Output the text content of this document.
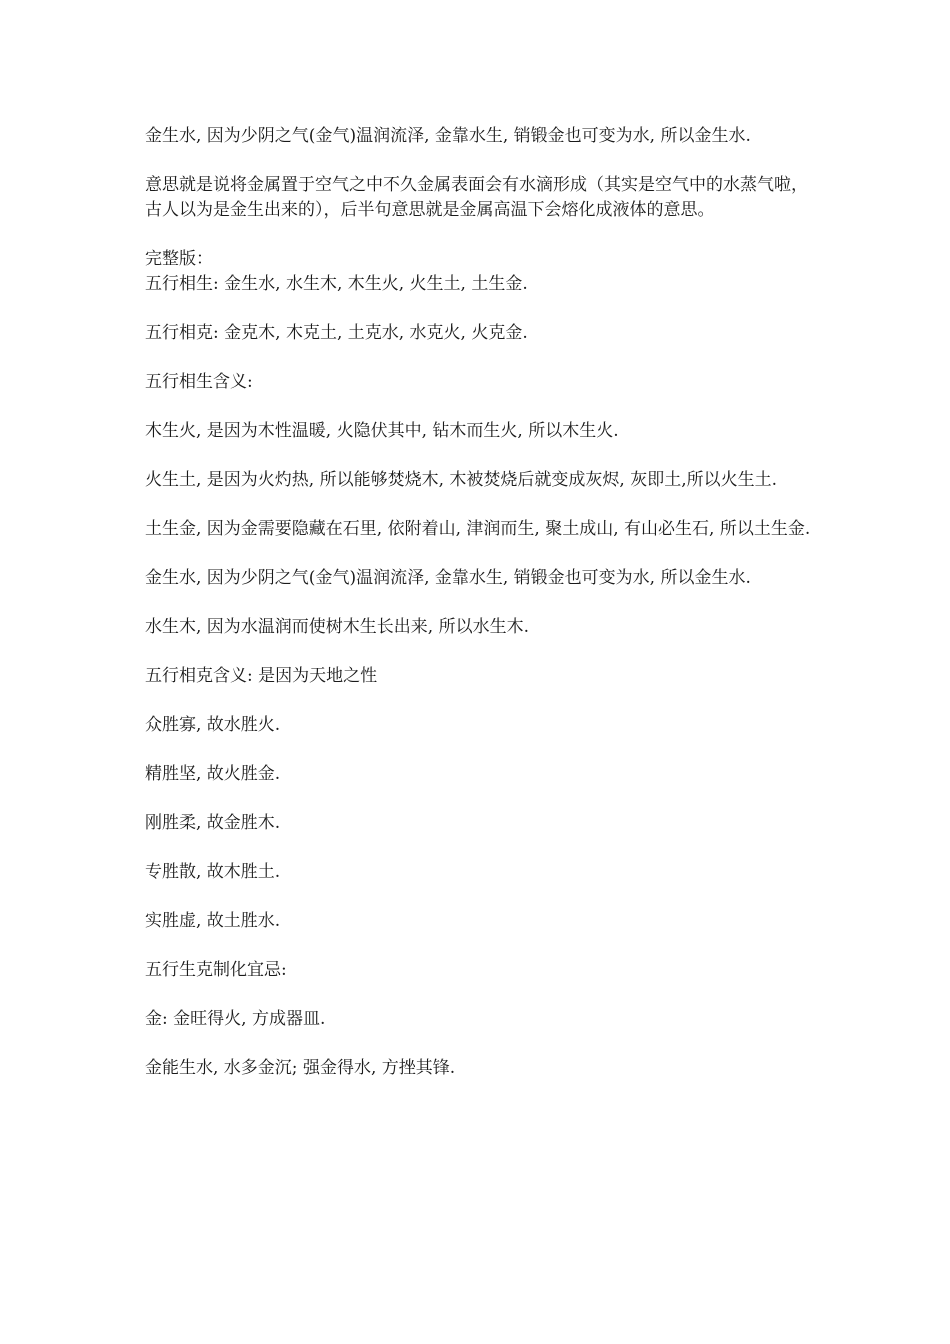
金生水, 因为少阴之气(金气)温润流泽, 金靠水生, 销锻金也可变为水, 所以金生水.

意思就是说将金属置于空气之中不久金属表面会有水滴形成（其实是空气中的水蒸气啦，古人以为是金生出来的），后半句意思就是金属高温下会熔化成液体的意思。

完整版：

五行相生: 金生水, 水生木, 木生火, 火生土, 土生金.

五行相克: 金克木, 木克土, 土克水, 水克火, 火克金.

五行相生含义:

木生火, 是因为木性温暖, 火隐伏其中, 钻木而生火, 所以木生火.

火生土, 是因为火灼热, 所以能够焚烧木, 木被焚烧后就变成灰烬, 灰即土,所以火生土.

土生金, 因为金需要隐藏在石里, 依附着山, 津润而生, 聚土成山, 有山必生石, 所以土生金.

金生水, 因为少阴之气(金气)温润流泽, 金靠水生, 销锻金也可变为水, 所以金生水.

水生木, 因为水温润而使树木生长出来, 所以水生木.

五行相克含义: 是因为天地之性

众胜寡, 故水胜火.

精胜坚, 故火胜金.

刚胜柔, 故金胜木.

专胜散, 故木胜土.

实胜虚, 故土胜水.

五行生克制化宜忌:

金: 金旺得火, 方成器皿.

金能生水, 水多金沉; 强金得水, 方挫其锋.
